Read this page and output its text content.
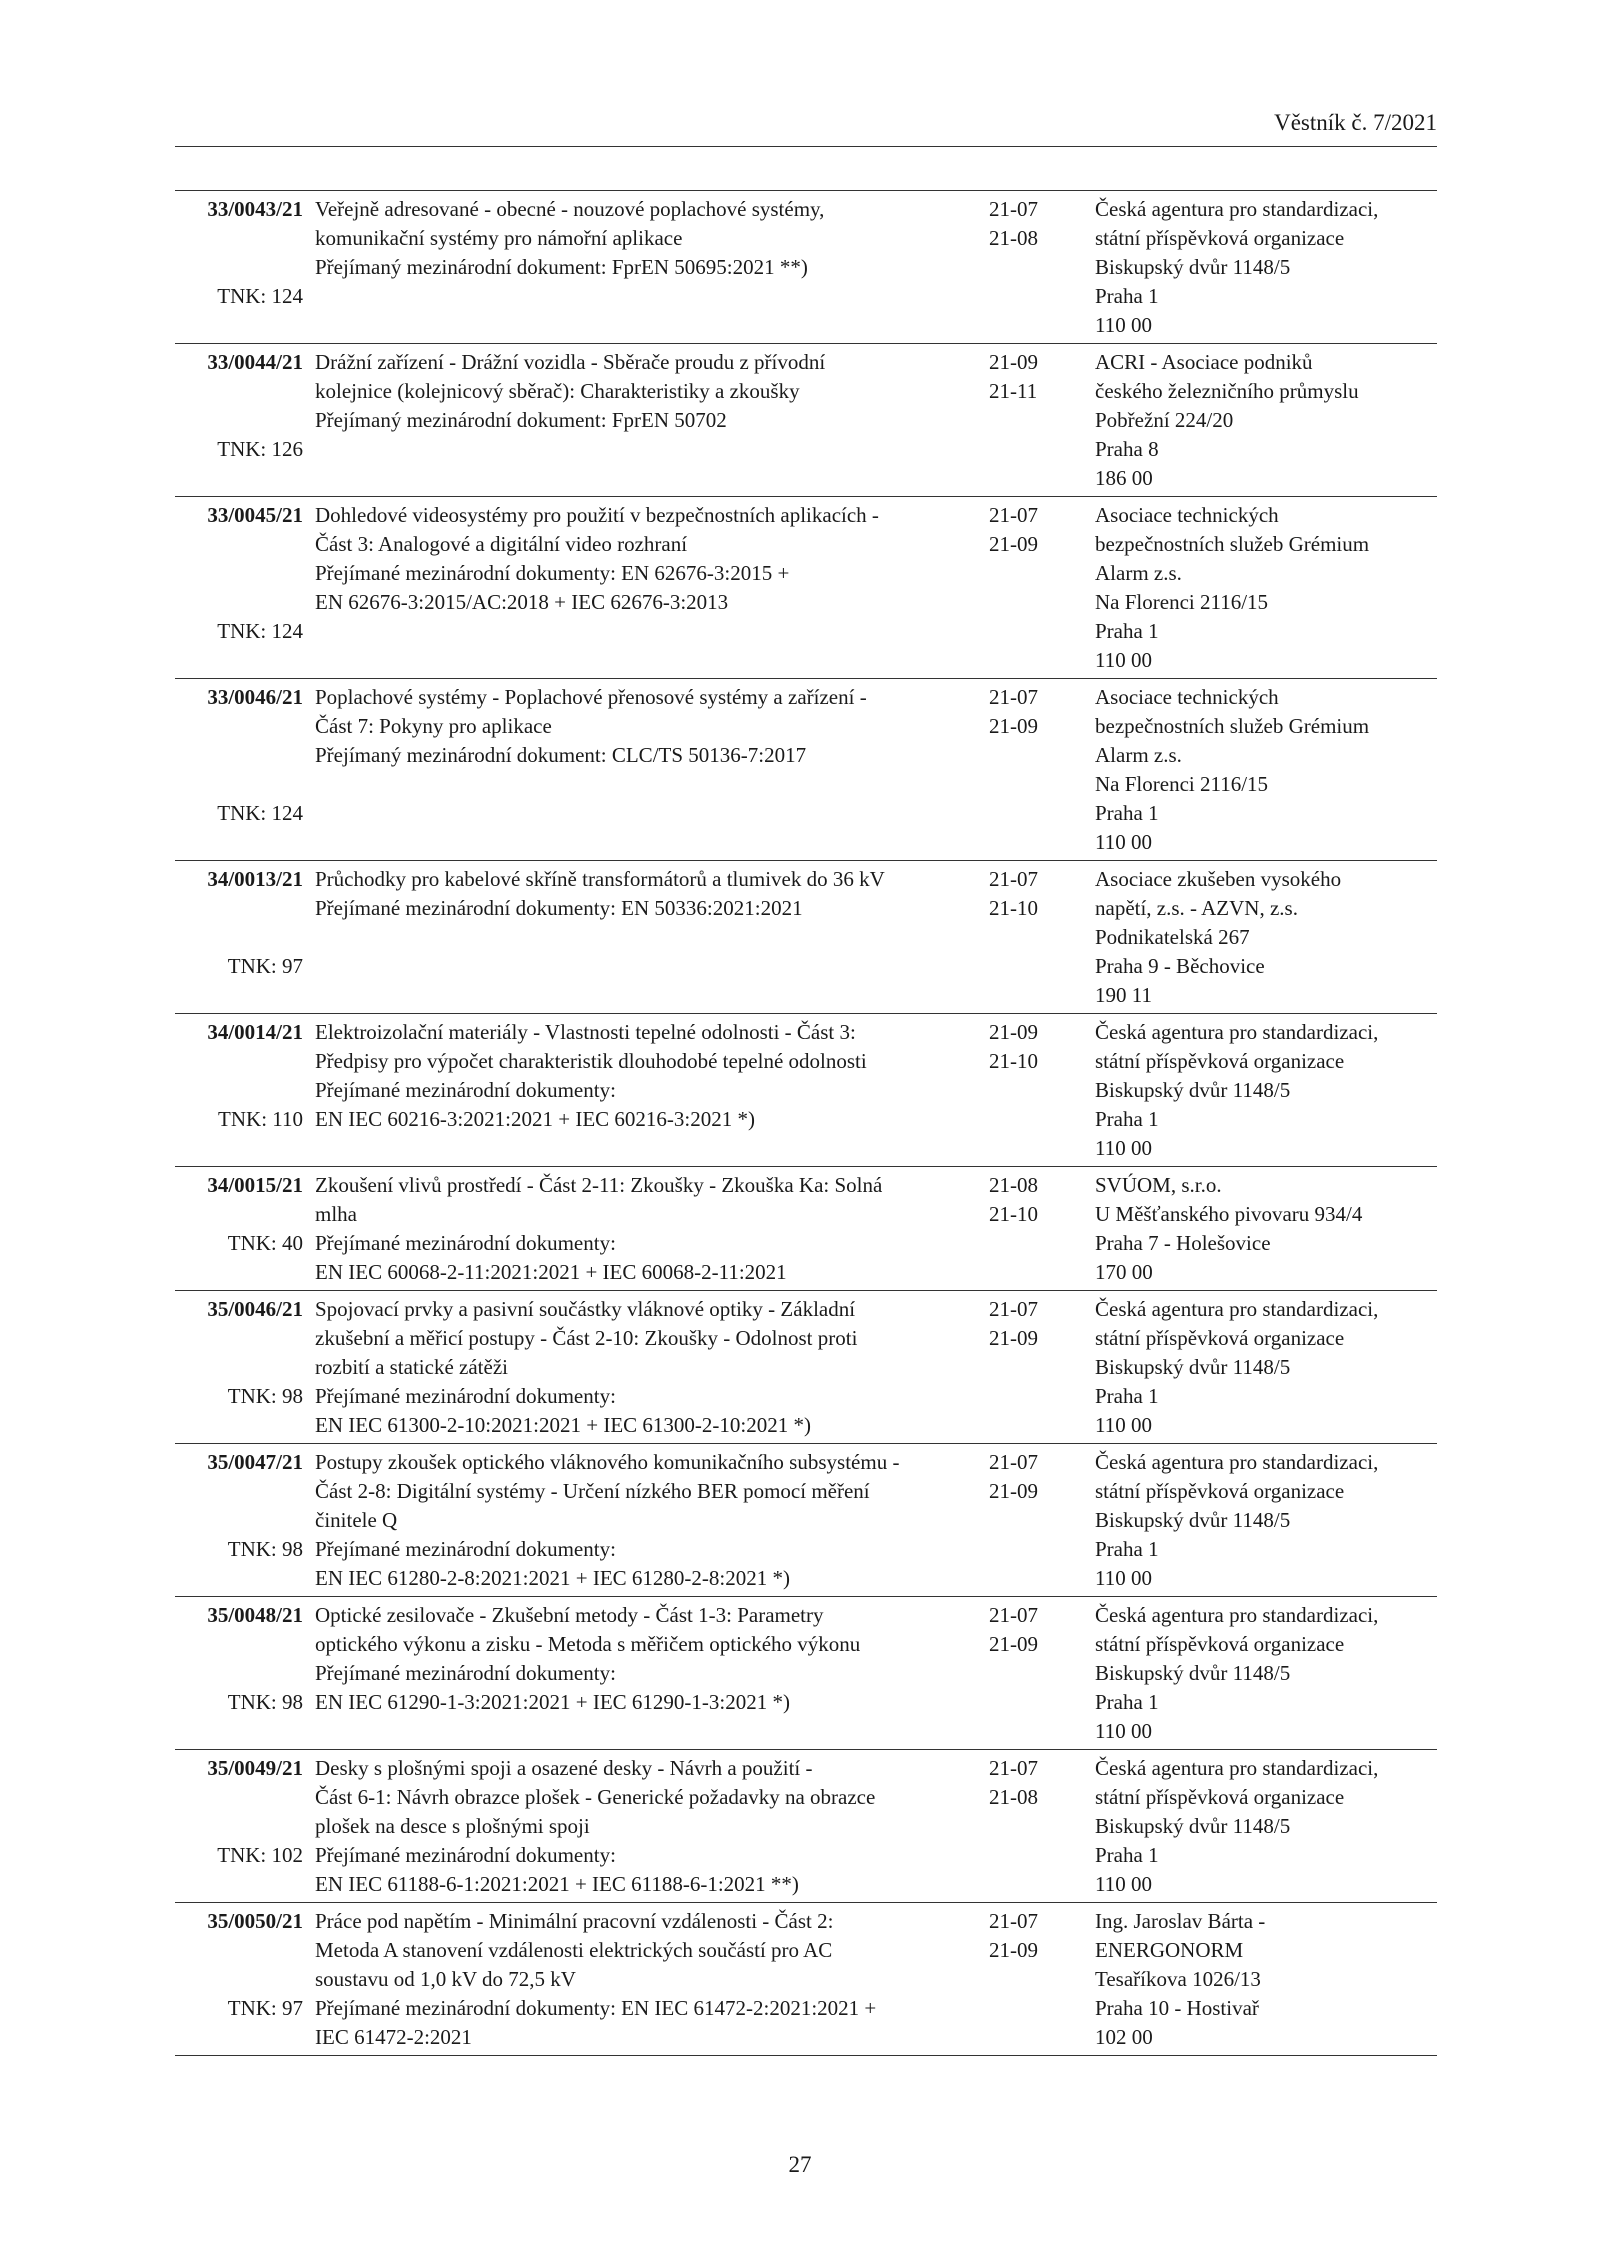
Věstník č. 7/2021
33/0043/21
TNK: 124
Veřejně adresované - obecné - nouzové poplachové systémy,
komunikační systémy pro námořní aplikace
Přejímaný mezinárodní dokument: FprEN 50695:2021 **)
21-07
21-08
Česká agentura pro standardizaci,
státní příspěvková organizace
Biskupský dvůr 1148/5
Praha 1
110 00
33/0044/21
TNK: 126
Drážní zařízení - Drážní vozidla - Sběrače proudu z přívodní
kolejnice (kolejnicový sběrač): Charakteristiky a zkoušky
Přejímaný mezinárodní dokument: FprEN 50702
21-09
21-11
ACRI - Asociace podniků
českého železničního průmyslu
Pobřežní 224/20
Praha 8
186 00
33/0045/21
TNK: 124
Dohledové videosystémy pro použití v bezpečnostních aplikacích -
Část 3: Analogové a digitální video rozhraní
Přejímané mezinárodní dokumenty: EN 62676-3:2015 +
EN 62676-3:2015/AC:2018 + IEC 62676-3:2013
21-07
21-09
Asociace technických
bezpečnostních služeb Grémium
Alarm z.s.
Na Florenci 2116/15
Praha 1
110 00
33/0046/21
TNK: 124
Poplachové systémy - Poplachové přenosové systémy a zařízení -
Část 7: Pokyny pro aplikace
Přejímaný mezinárodní dokument: CLC/TS 50136-7:2017
21-07
21-09
Asociace technických
bezpečnostních služeb Grémium
Alarm z.s.
Na Florenci 2116/15
Praha 1
110 00
34/0013/21
TNK: 97
Průchodky pro kabelové skříně transformátorů a tlumivek do 36 kV
Přejímané mezinárodní dokumenty: EN 50336:2021:2021
21-07
21-10
Asociace zkušeben vysokého
napětí, z.s. - AZVN, z.s.
Podnikatelská 267
Praha 9 - Běchovice
190 11
34/0014/21
TNK: 110
Elektroizolační materiály - Vlastnosti tepelné odolnosti - Část 3:
Předpisy pro výpočet charakteristik dlouhodobé tepelné odolnosti
Přejímané mezinárodní dokumenty:
EN IEC 60216-3:2021:2021 + IEC 60216-3:2021 *)
21-09
21-10
Česká agentura pro standardizaci,
státní příspěvková organizace
Biskupský dvůr 1148/5
Praha 1
110 00
34/0015/21
TNK: 40
Zkoušení vlivů prostředí - Část 2-11: Zkoušky - Zkouška Ka: Solná
mlha
Přejímané mezinárodní dokumenty:
EN IEC 60068-2-11:2021:2021 + IEC 60068-2-11:2021
21-08
21-10
SVÚOM, s.r.o.
U Měšťanského pivovaru 934/4
Praha 7 - Holešovice
170 00
35/0046/21
TNK: 98
Spojovací prvky a pasivní součástky vláknové optiky - Základní
zkušební a měřicí postupy - Část 2-10: Zkoušky - Odolnost proti
rozbití a statické zátěži
Přejímané mezinárodní dokumenty:
EN IEC 61300-2-10:2021:2021 + IEC 61300-2-10:2021 *)
21-07
21-09
Česká agentura pro standardizaci,
státní příspěvková organizace
Biskupský dvůr 1148/5
Praha 1
110 00
35/0047/21
TNK: 98
Postupy zkoušek optického vláknového komunikačního subsystému -
Část 2-8: Digitální systémy - Určení nízkého BER pomocí měření
činitele Q
Přejímané mezinárodní dokumenty:
EN IEC 61280-2-8:2021:2021 + IEC 61280-2-8:2021 *)
21-07
21-09
Česká agentura pro standardizaci,
státní příspěvková organizace
Biskupský dvůr 1148/5
Praha 1
110 00
35/0048/21
TNK: 98
Optické zesilovače - Zkušební metody - Část 1-3: Parametry
optického výkonu a zisku - Metoda s měřičem optického výkonu
Přejímané mezinárodní dokumenty:
EN IEC 61290-1-3:2021:2021 + IEC 61290-1-3:2021 *)
21-07
21-09
Česká agentura pro standardizaci,
státní příspěvková organizace
Biskupský dvůr 1148/5
Praha 1
110 00
35/0049/21
TNK: 102
Desky s plošnými spoji a osazené desky - Návrh a použití -
Část 6-1: Návrh obrazce plošek - Generické požadavky na obrazce
plošek na desce s plošnými spoji
Přejímané mezinárodní dokumenty:
EN IEC 61188-6-1:2021:2021 + IEC 61188-6-1:2021 **)
21-07
21-08
Česká agentura pro standardizaci,
státní příspěvková organizace
Biskupský dvůr 1148/5
Praha 1
110 00
35/0050/21
TNK: 97
Práce pod napětím - Minimální pracovní vzdálenosti - Část 2:
Metoda A stanovení vzdálenosti elektrických součástí pro AC
soustavu od 1,0 kV do 72,5 kV
Přejímané mezinárodní dokumenty: EN IEC 61472-2:2021:2021 +
IEC 61472-2:2021
21-07
21-09
Ing. Jaroslav Bárta -
ENERGONORM
Tesaříkova 1026/13
Praha 10 - Hostivař
102 00
27
